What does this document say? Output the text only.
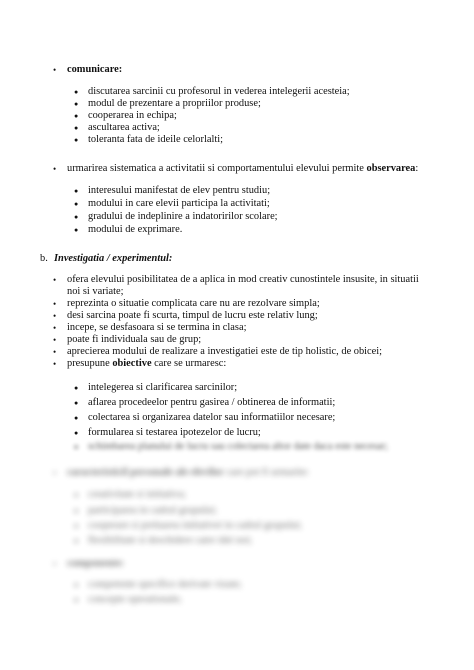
• comunicare:
● discutarea sarcinii cu profesorul in vederea intelegerii acesteia;
● modul de prezentare a propriilor produse;
● cooperarea in echipa;
● ascultarea activa;
● toleranta fata de ideile celorlalti;
• urmarirea sistematica a activitatii si comportamentului elevului permite observarea:
● interesului manifestat de elev pentru studiu;
● modului in care elevii participa la activitati;
● gradului de indeplinire a indatoririlor scolare;
● modului de exprimare.
b. Investigatia / experimentul:
• ofera elevului posibilitatea de a aplica in mod creativ cunostintele insusite, in situatii
noi si variate;
• reprezinta o situatie complicata care nu are rezolvare simpla;
• desi sarcina poate fi scurta, timpul de lucru este relativ lung;
• incepe, se desfasoara si se termina in clasa;
• poate fi individuala sau de grup;
• aprecierea modului de realizare a investigatiei este de tip holistic, de obicei;
• presupune obiective care se urmaresc:
● intelegerea si clarificarea sarcinilor;
● aflarea procedeelor pentru gasirea / obtinerea de informatii;
● colectarea si organizarea datelor sau informatiilor necesare;
● formularea si testarea ipotezelor de lucru;
● schimbarea planului de lucru sau colectarea altor date daca este necesar;
• caracteristicil personale ale elevilor care pot fi urmarite:
● creativitate si initiativa;
● participarea in cadrul grupului;
● cooperare si preluarea initiativei in cadrul grupului;
● flexibilitate si deschidere catre idei noi;
• componente:
● competente specifice derivate vizate;
● concepte operationale;
